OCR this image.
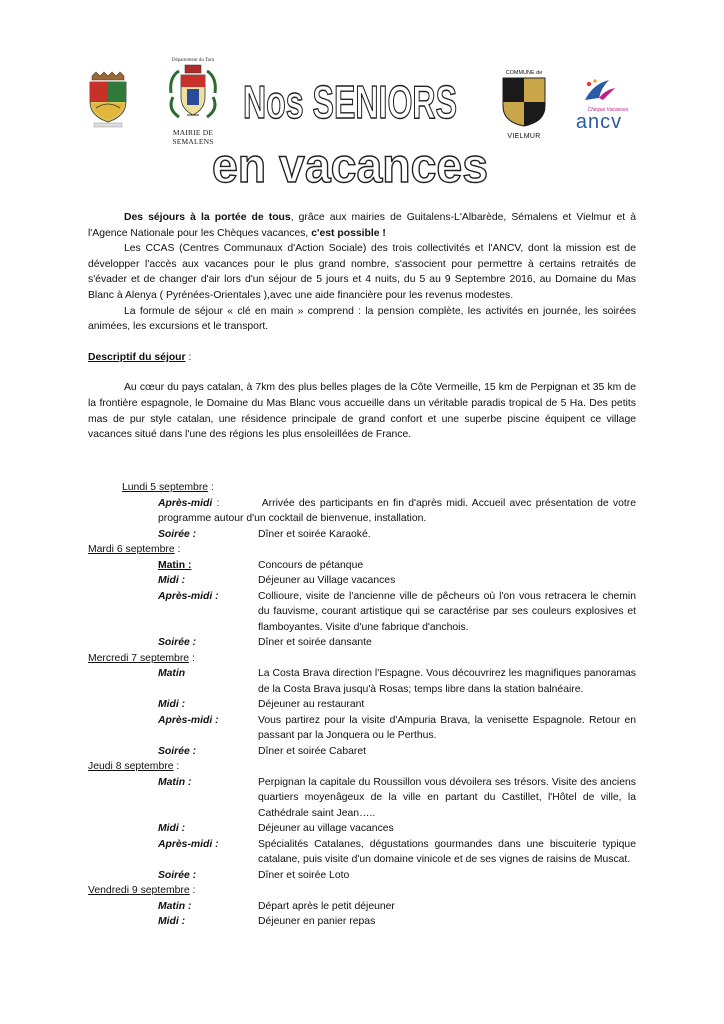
Département du Tarn
MAIRIE DE SEMALENS
Nos SENIORS
en vacances
COMMUNE de
VIELMUR
Chèque Vacances
ancv

Des séjours à la portée de tous, grâce aux mairies de Guitalens-L'Albarède, Sémalens et Vielmur et à l'Agence Nationale pour les Chèques vacances, c'est possible !

Les CCAS (Centres Communaux d'Action Sociale) des trois collectivités et l'ANCV, dont la mission est de développer l'accès aux vacances pour le plus grand nombre, s'associent pour permettre à certains retraités de s'évader et de changer d'air lors d'un séjour de 5 jours et 4 nuits, du 5 au 9 Septembre 2016, au Domaine du Mas Blanc à Alenya ( Pyrénées-Orientales ),avec une aide financière pour les revenus modestes.

La formule de séjour « clé en main » comprend : la pension complète, les activités en journée, les soirées animées, les excursions et le transport.

Descriptif du séjour :

Au cœur du pays catalan, à 7km des plus belles plages de la Côte Vermeille, 15 km de Perpignan et 35 km de la frontière espagnole, le Domaine du Mas Blanc vous accueille dans un véritable paradis tropical de 5 Ha. Des petits mas de pur style catalan, une résidence principale de grand confort et une superbe piscine équipent ce village vacances situé dans l'une des régions les plus ensoleillées de France.

Lundi 5 septembre :

Après-midi :	Arrivée des participants en fin d'après midi. Accueil avec présentation de votre programme autour d'un cocktail de bienvenue, installation.

Soirée :	Dîner et soirée Karaoké.

Mardi 6 septembre :

Matin :	Concours de pétanque
Midi :	Déjeuner au Village vacances
Après-midi :	Collioure, visite de l'ancienne ville de pêcheurs où l'on vous retracera le chemin du fauvisme, courant artistique qui se caractérise par ses couleurs explosives et flamboyantes. Visite d'une fabrique d'anchois.
Soirée :	Dîner et soirée dansante

Mercredi 7 septembre :

Matin	La Costa Brava direction l'Espagne. Vous découvrirez les magnifiques panoramas de la Costa Brava jusqu'à Rosas; temps libre dans la station balnéaire.
Midi :	Déjeuner au restaurant
Après-midi :	Vous partirez pour la visite d'Ampuria Brava, la venisette Espagnole. Retour en passant par la Jonquera ou le Perthus.
Soirée :	Dîner et soirée Cabaret

Jeudi 8 septembre :

Matin :	Perpignan la capitale du Roussillon vous dévoilera ses trésors. Visite des anciens quartiers moyenâgeux de la ville en partant du Castillet, l'Hôtel de ville, la Cathédrale saint Jean…..
Midi :	Déjeuner au village vacances
Après-midi :	Spécialités Catalanes, dégustations gourmandes dans une biscuiterie typique catalane, puis visite d'un domaine vinicole et de ses vignes de raisins de Muscat.
Soirée :	Dîner et soirée Loto

Vendredi 9 septembre :

Matin :	Départ après le petit déjeuner
Midi :	Déjeuner en panier repas
